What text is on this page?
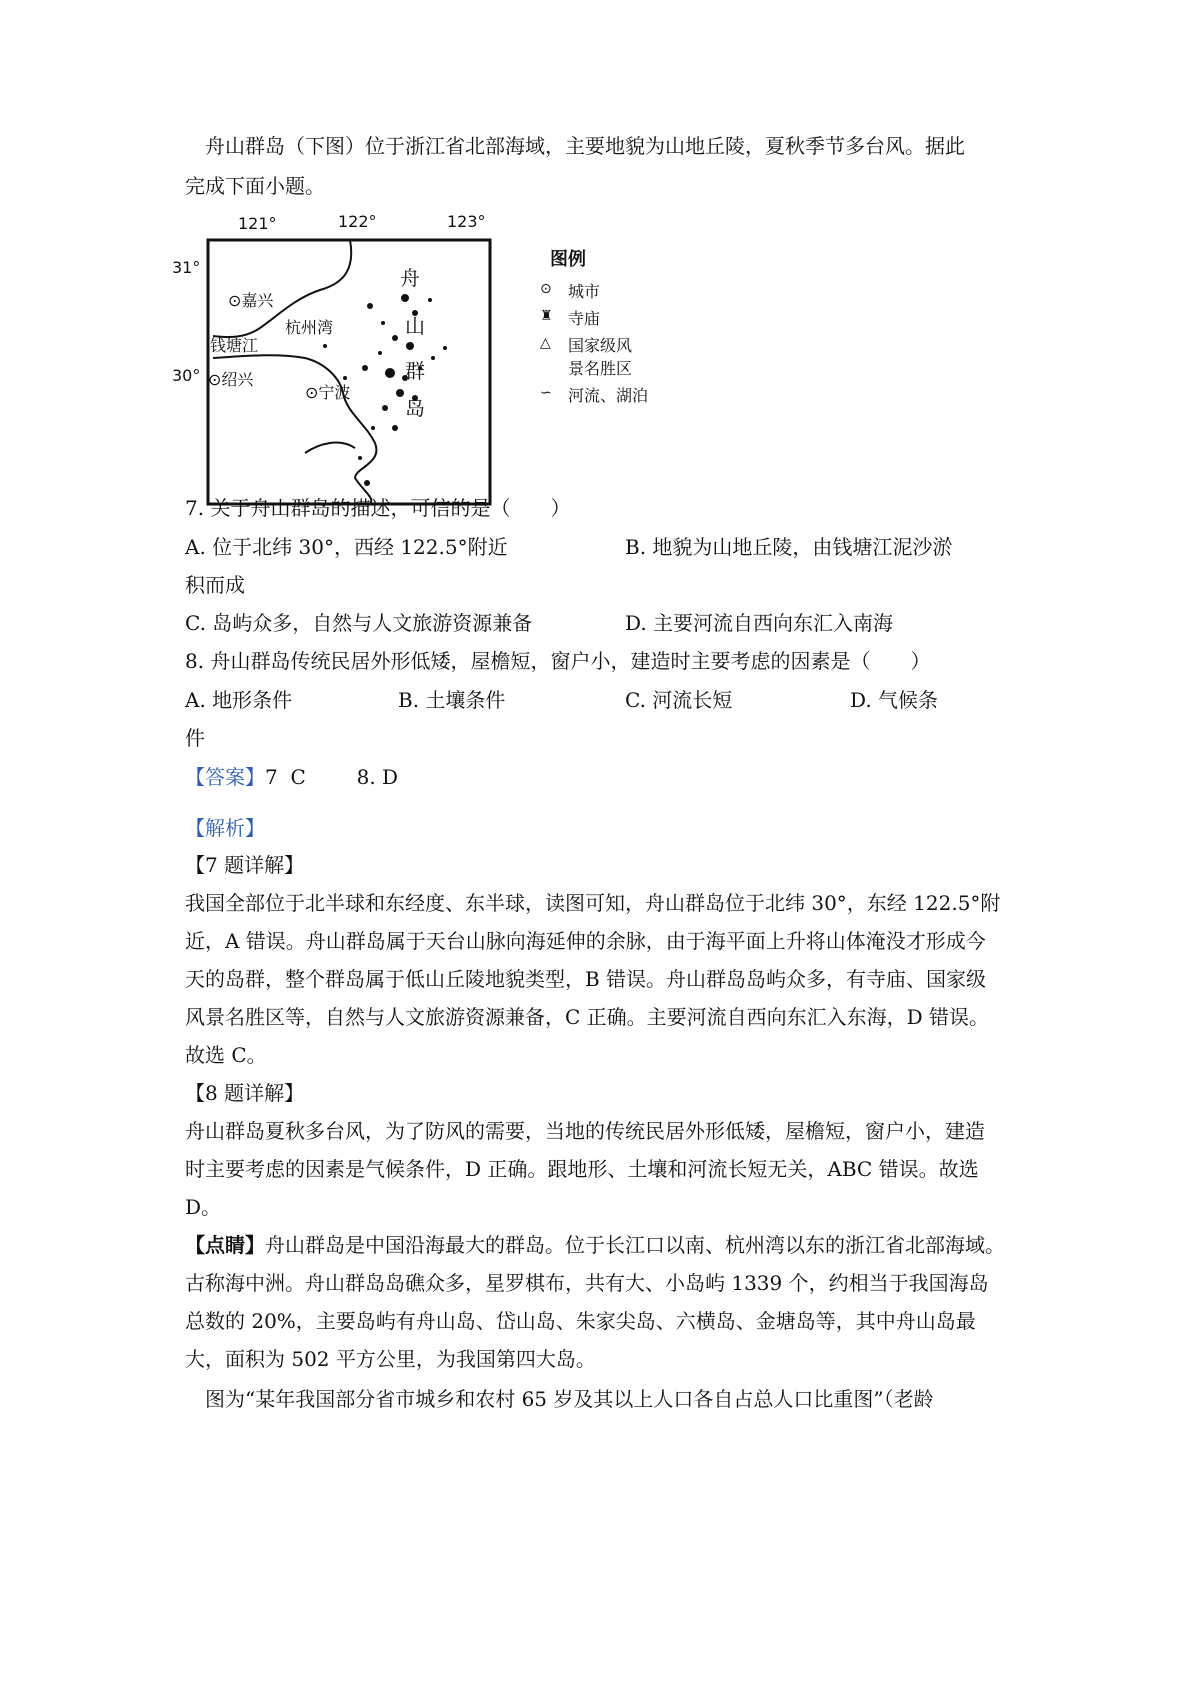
舟山群岛（下图）位于浙江省北部海域，主要地貌为山地丘陵，夏秋季节多台风。据此
完成下面小题。
121°	122°	123°
31°
30°
⊙嘉兴
杭州湾
钱塘江
⊙绍兴
⊙宁波
舟
山
群
岛
图例
⊙	城市
♜ 寺庙
△	国家级风景名胜区
∽	河流、湖泊
7. 关于舟山群岛的描述，可信的是（　　）
A. 位于北纬 30°，西经 122.5°附近	B. 地貌为山地丘陵，由钱塘江泥沙淤
积而成
C. 岛屿众多，自然与人文旅游资源兼备	D. 主要河流自西向东汇入南海
8. 舟山群岛传统民居外形低矮，屋檐短，窗户小，建造时主要考虑的因素是（　　）
A. 地形条件	B. 土壤条件	C. 河流长短	D. 气候条
件
【答案】7  C        8. D
【解析】
【7 题详解】
我国全部位于北半球和东经度、东半球，读图可知，舟山群岛位于北纬 30°，东经 122.5°附
近，A 错误。舟山群岛属于天台山脉向海延伸的余脉，由于海平面上升将山体淹没才形成今
天的岛群，整个群岛属于低山丘陵地貌类型，B 错误。舟山群岛岛屿众多，有寺庙、国家级
风景名胜区等，自然与人文旅游资源兼备，C 正确。主要河流自西向东汇入东海，D 错误。
故选 C。
【8 题详解】
舟山群岛夏秋多台风，为了防风的需要，当地的传统民居外形低矮，屋檐短，窗户小，建造
时主要考虑的因素是气候条件，D 正确。跟地形、土壤和河流长短无关，ABC 错误。故选
D。
【点睛】舟山群岛是中国沿海最大的群岛。位于长江口以南、杭州湾以东的浙江省北部海域。
古称海中洲。舟山群岛岛礁众多，星罗棋布，共有大、小岛屿 1339 个，约相当于我国海岛
总数的 20%，主要岛屿有舟山岛、岱山岛、朱家尖岛、六横岛、金塘岛等，其中舟山岛最
大，面积为 502 平方公里，为我国第四大岛。
图为“某年我国部分省市城乡和农村 65 岁及其以上人口各自占总人口比重图”（老龄
